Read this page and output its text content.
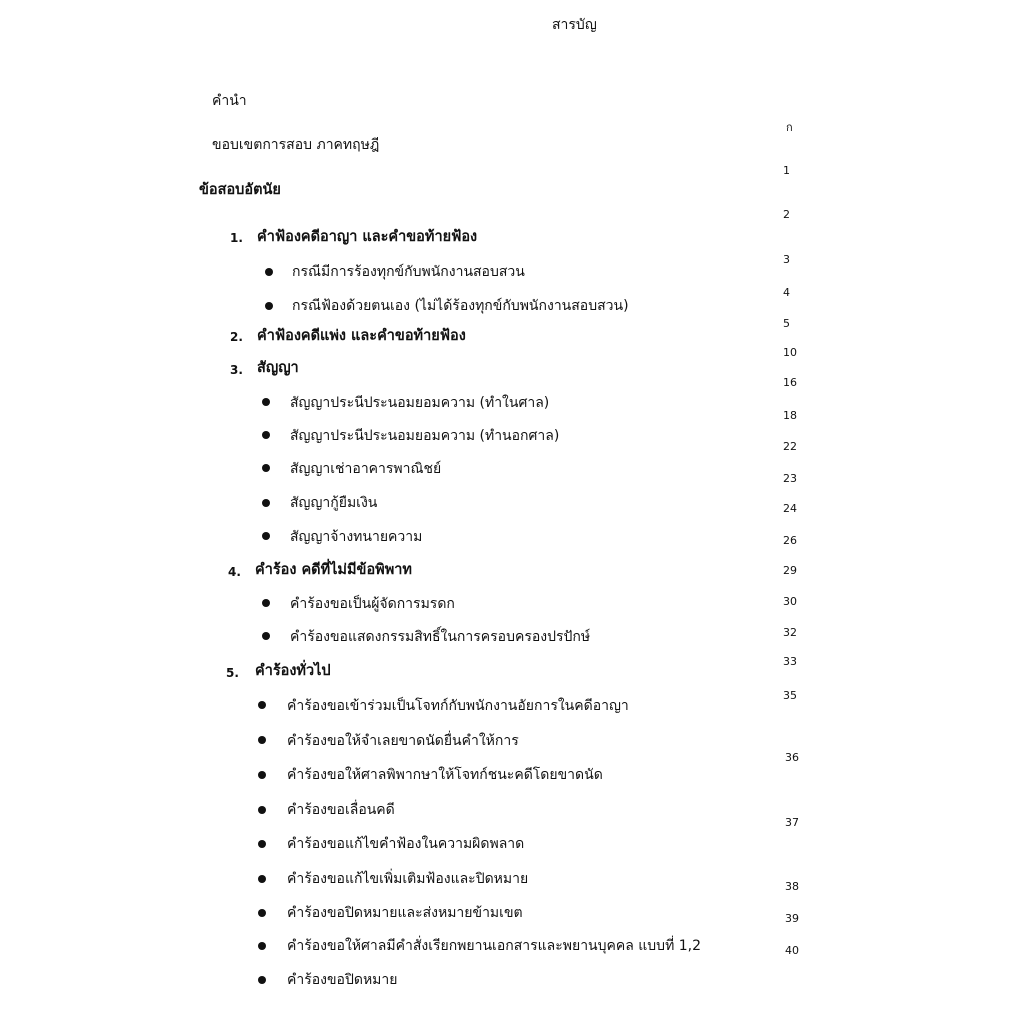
สารบัญ
คำนำ
ขอบเขตการสอบ ภาคทฤษฎี
ข้อสอบอัตนัย
1. คำฟ้องคดีอาญา และคำขอท้ายฟ้อง
กรณีมีการร้องทุกข์กับพนักงานสอบสวน
กรณีฟ้องด้วยตนเอง (ไม่ได้ร้องทุกข์กับพนักงานสอบสวน)
2. คำฟ้องคดีแพ่ง และคำขอท้ายฟ้อง
3. สัญญา
สัญญาประนีประนอมยอมความ (ทำในศาล)
สัญญาประนีประนอมยอมความ (ทำนอกศาล)
สัญญาเช่าอาคารพาณิชย์
สัญญากู้ยืมเงิน
สัญญาจ้างทนายความ
4. คำร้อง คดีที่ไม่มีข้อพิพาท
คำร้องขอเป็นผู้จัดการมรดก
คำร้องขอแสดงกรรมสิทธิ์ในการครอบครองปรปักษ์
5. คำร้องทั่วไป
คำร้องขอเข้าร่วมเป็นโจทก์กับพนักงานอัยการในคดีอาญา
คำร้องขอให้จำเลยขาดนัดยื่นคำให้การ
คำร้องขอให้ศาลพิพากษาให้โจทก์ชนะคดีโดยขาดนัด
คำร้องขอเลื่อนคดี
คำร้องขอแก้ไขคำฟ้องในความผิดพลาด
คำร้องขอแก้ไขเพิ่มเติมฟ้องและปิดหมาย
คำร้องขอปิดหมายและส่งหมายข้ามเขต
คำร้องขอให้ศาลมีคำสั่งเรียกพยานเอกสารและพยานบุคคล แบบที่ 1,2
คำร้องขอปิดหมาย
ก
1
2
3
4
5
10
16
18
22
23
24
26
29
30
32
33
35
36
37
38
39
40
